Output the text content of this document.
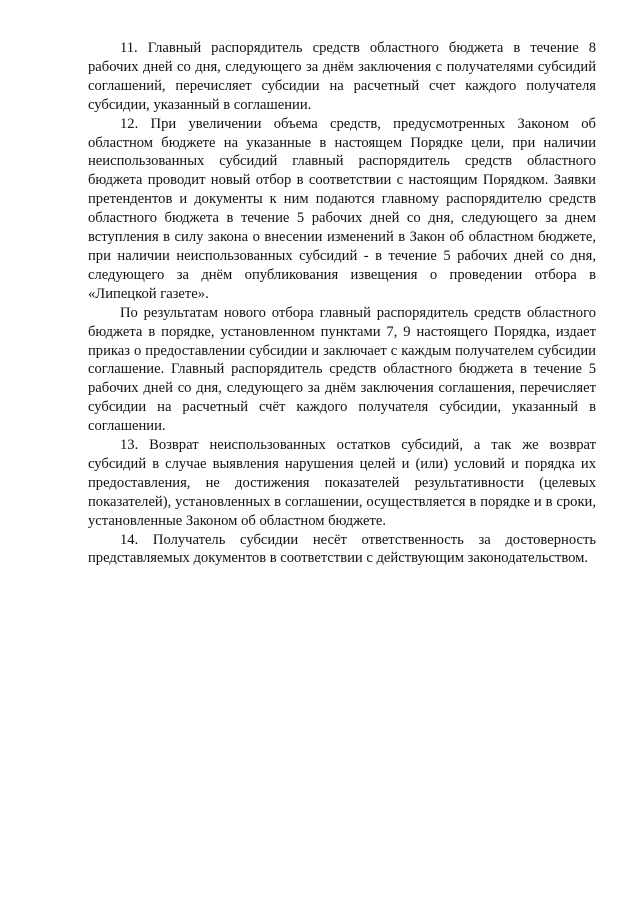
11. Главный распорядитель средств областного бюджета в течение 8 рабочих дней со дня, следующего за днём заключения с получателями субсидий соглашений, перечисляет субсидии на расчетный счет каждого получателя субсидии, указанный в соглашении.

12. При увеличении объема средств, предусмотренных Законом об областном бюджете на указанные в настоящем Порядке цели, при наличии неиспользованных субсидий главный распорядитель средств областного бюджета проводит новый отбор в соответствии с настоящим Порядком. Заявки претендентов и документы к ним подаются главному распорядителю средств областного бюджета в течение 5 рабочих дней со дня, следующего за днем вступления в силу закона о внесении изменений в Закон об областном бюджете, при наличии неиспользованных субсидий - в течение 5 рабочих дней со дня, следующего за днём опубликования извещения о проведении отбора в «Липецкой газете».

По результатам нового отбора главный распорядитель средств областного бюджета в порядке, установленном пунктами 7, 9 настоящего Порядка, издает приказ о предоставлении субсидии и заключает с каждым получателем субсидии соглашение. Главный распорядитель средств областного бюджета в течение 5 рабочих дней со дня, следующего за днём заключения соглашения, перечисляет субсидии на расчетный счёт каждого получателя субсидии, указанный в соглашении.

13. Возврат неиспользованных остатков субсидий, а так же возврат субсидий в случае выявления нарушения целей и (или) условий и порядка их предоставления, не достижения показателей результативности (целевых показателей), установленных в соглашении, осуществляется в порядке и в сроки, установленные Законом об областном бюджете.

14. Получатель субсидии несёт ответственность за достоверность представляемых документов в соответствии с действующим законодательством.
